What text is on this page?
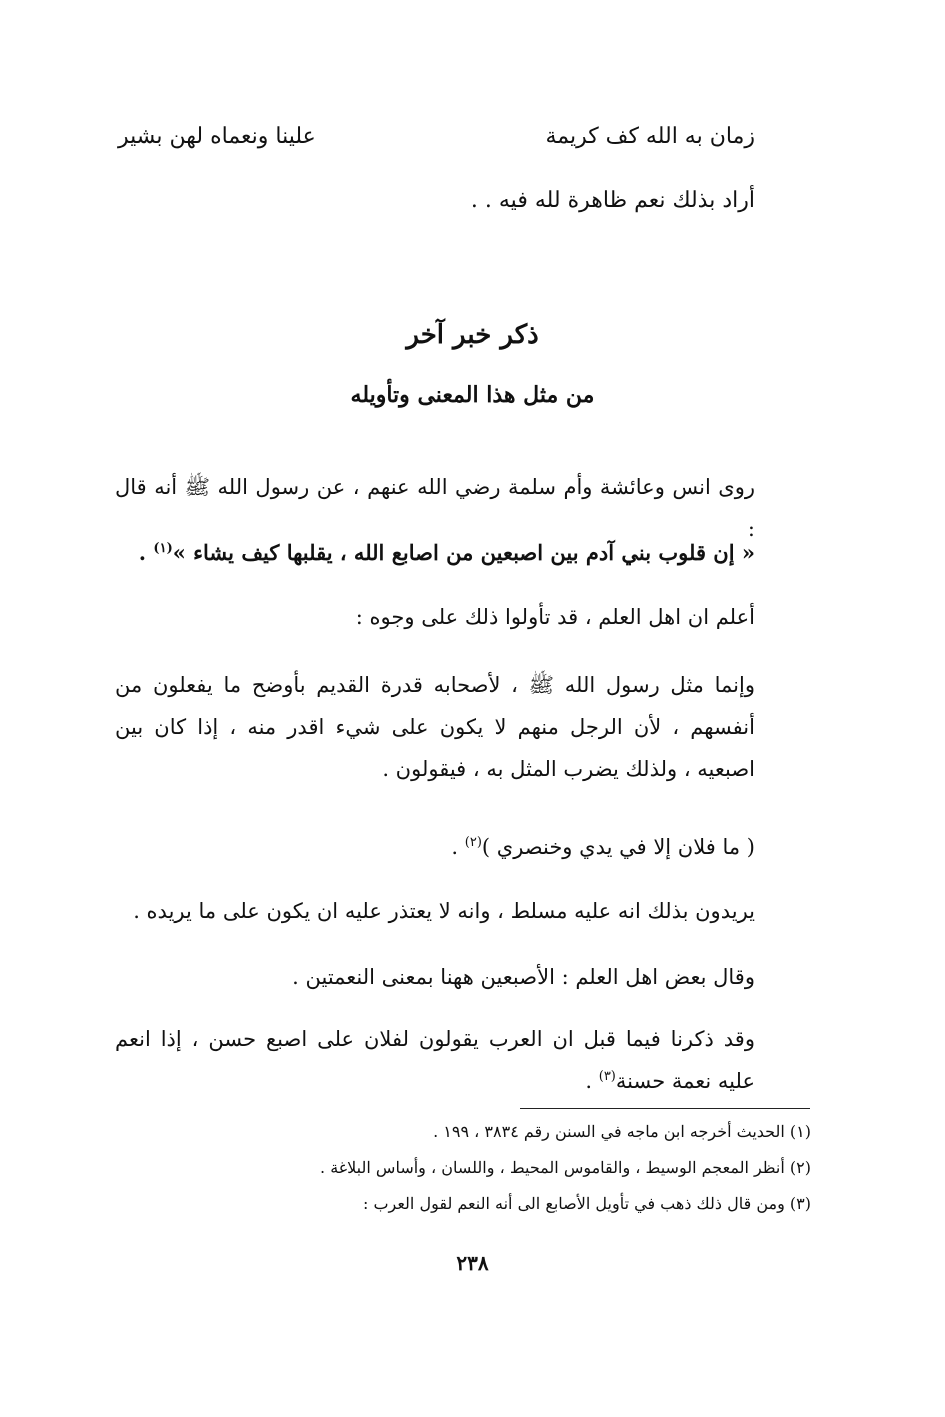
زمان به الله كف كريمة
علينا ونعماه لهن بشير
أراد بذلك نعم ظاهرة لله فيه . .
ذكر خبر آخر
من مثل هذا المعنى وتأويله
روى انس وعائشة وأم سلمة رضي الله عنهم ، عن رسول الله ﷺ أنه قال :
« إن قلوب بني آدم بين اصبعين من اصابع الله ، يقلبها كيف يشاء »$^{(١)}$ .
أعلم ان اهل العلم ، قد تأولوا ذلك على وجوه :
وإنما مثل رسول الله ﷺ ، لأصحابه قدرة القديم بأوضح ما يفعلون من أنفسهم ، لأن الرجل منهم لا يكون على شيء اقدر منه ، إذا كان بين اصبعيه ، ولذلك يضرب المثل به ، فيقولون .
( ما فلان إلا في يدي وخنصري )$^{(٢)}$ .
يريدون بذلك انه عليه مسلط ، وانه لا يعتذر عليه ان يكون على ما يريده .
وقال بعض اهل العلم : الأصبعين ههنا بمعنى النعمتين .
وقد ذكرنا فيما قبل ان العرب يقولون لفلان على اصبع حسن ، إذا انعم عليه نعمة حسنة$^{(٣)}$ .
(١) الحديث أخرجه ابن ماجه في السنن رقم ٣٨٣٤ ، ١٩٩ .
(٢) أنظر المعجم الوسيط ، والقاموس المحيط ، واللسان ، وأساس البلاغة .
(٣) ومن قال ذلك ذهب في تأويل الأصابع الى أنه النعم لقول العرب :
٢٣٨
